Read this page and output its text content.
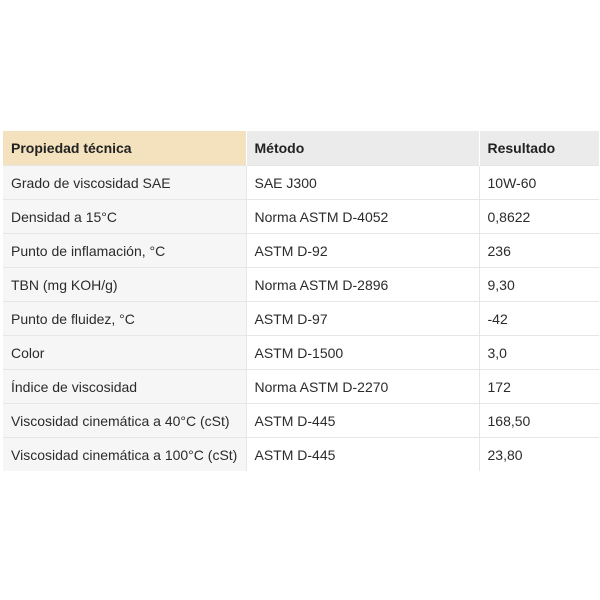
Propiedad técnica	Método	Resultado
Grado de viscosidad SAE	SAE J300	10W-60
Densidad a 15°C	Norma ASTM D-4052	0,8622
Punto de inflamación, °C	ASTM D-92	236
TBN (mg KOH/g)	Norma ASTM D-2896	9,30
Punto de fluidez, °C	ASTM D-97	-42
Color	ASTM D-1500	3,0
Índice de viscosidad	Norma ASTM D-2270	172
Viscosidad cinemática a 40°C (cSt)	ASTM D-445	168,50
Viscosidad cinemática a 100°C (cSt)	ASTM D-445	23,80
